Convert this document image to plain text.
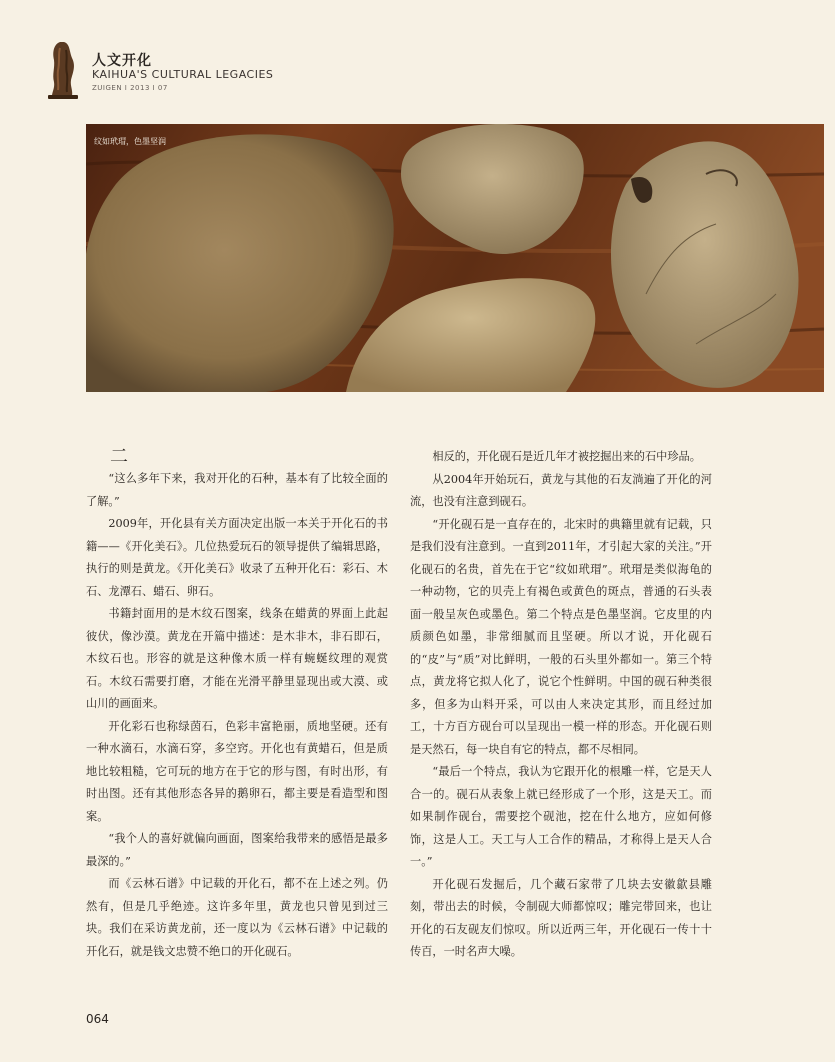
人文开化
KAIHUA'S CULTURAL LEGACIES
ZUIGEN I 2013 I 07
纹如玳瑁，色墨坚润
二

“这么多年下来，我对开化的石种，基本有了比较全面的了解。”

2009年，开化县有关方面决定出版一本关于开化石的书籍——《开化美石》。几位热爱玩石的领导提供了编辑思路，执行的则是黄龙。《开化美石》收录了五种开化石：彩石、木石、龙潭石、蜡石、卵石。

书籍封面用的是木纹石图案，线条在蜡黄的界面上此起彼伏，像沙漠。黄龙在开篇中描述：是木非木，非石即石，木纹石也。形容的就是这种像木质一样有蜿蜒纹理的观赏石。木纹石需要打磨，才能在光滑平静里显现出或大漠、或山川的画面来。

开化彩石也称绿茵石，色彩丰富艳丽，质地坚硬。还有一种水滴石，水滴石穿，多空窍。开化也有黄蜡石，但是质地比较粗糙，它可玩的地方在于它的形与图，有时出形，有时出图。还有其他形态各异的鹅卵石，都主要是看造型和图案。

“我个人的喜好就偏向画面，图案给我带来的感悟是最多最深的。”

而《云林石谱》中记载的开化石，都不在上述之列。仍然有，但是几乎绝迹。这许多年里，黄龙也只曾见到过三块。我们在采访黄龙前，还一度以为《云林石谱》中记载的开化石，就是钱文忠赞不绝口的开化砚石。

相反的，开化砚石是近几年才被挖掘出来的石中珍品。

从2004年开始玩石，黄龙与其他的石友淌遍了开化的河流，也没有注意到砚石。

“开化砚石是一直存在的，北宋时的典籍里就有记载，只是我们没有注意到。一直到2011年，才引起大家的关注。”开化砚石的名贵，首先在于它“纹如玳瑁”。玳瑁是类似海龟的一种动物，它的贝壳上有褐色或黄色的斑点，普通的石头表面一般呈灰色或墨色。第二个特点是色墨坚润。它皮里的内质颜色如墨，非常细腻而且坚硬。所以才说，开化砚石的“皮”与“质”对比鲜明，一般的石头里外都如一。第三个特点，黄龙将它拟人化了，说它个性鲜明。中国的砚石种类很多，但多为山料开采，可以由人来决定其形，而且经过加工，十方百方砚台可以呈现出一模一样的形态。开化砚石则是天然石，每一块自有它的特点，都不尽相同。

“最后一个特点，我认为它跟开化的根雕一样，它是天人合一的。砚石从表象上就已经形成了一个形，这是天工。而如果制作砚台，需要挖个砚池，挖在什么地方，应如何修饰，这是人工。天工与人工合作的精品，才称得上是天人合一。”

开化砚石发掘后，几个藏石家带了几块去安徽歙县雕刻，带出去的时候，令制砚大师都惊叹；雕完带回来，也让开化的石友砚友们惊叹。所以近两三年，开化砚石一传十十传百，一时名声大噪。

064
